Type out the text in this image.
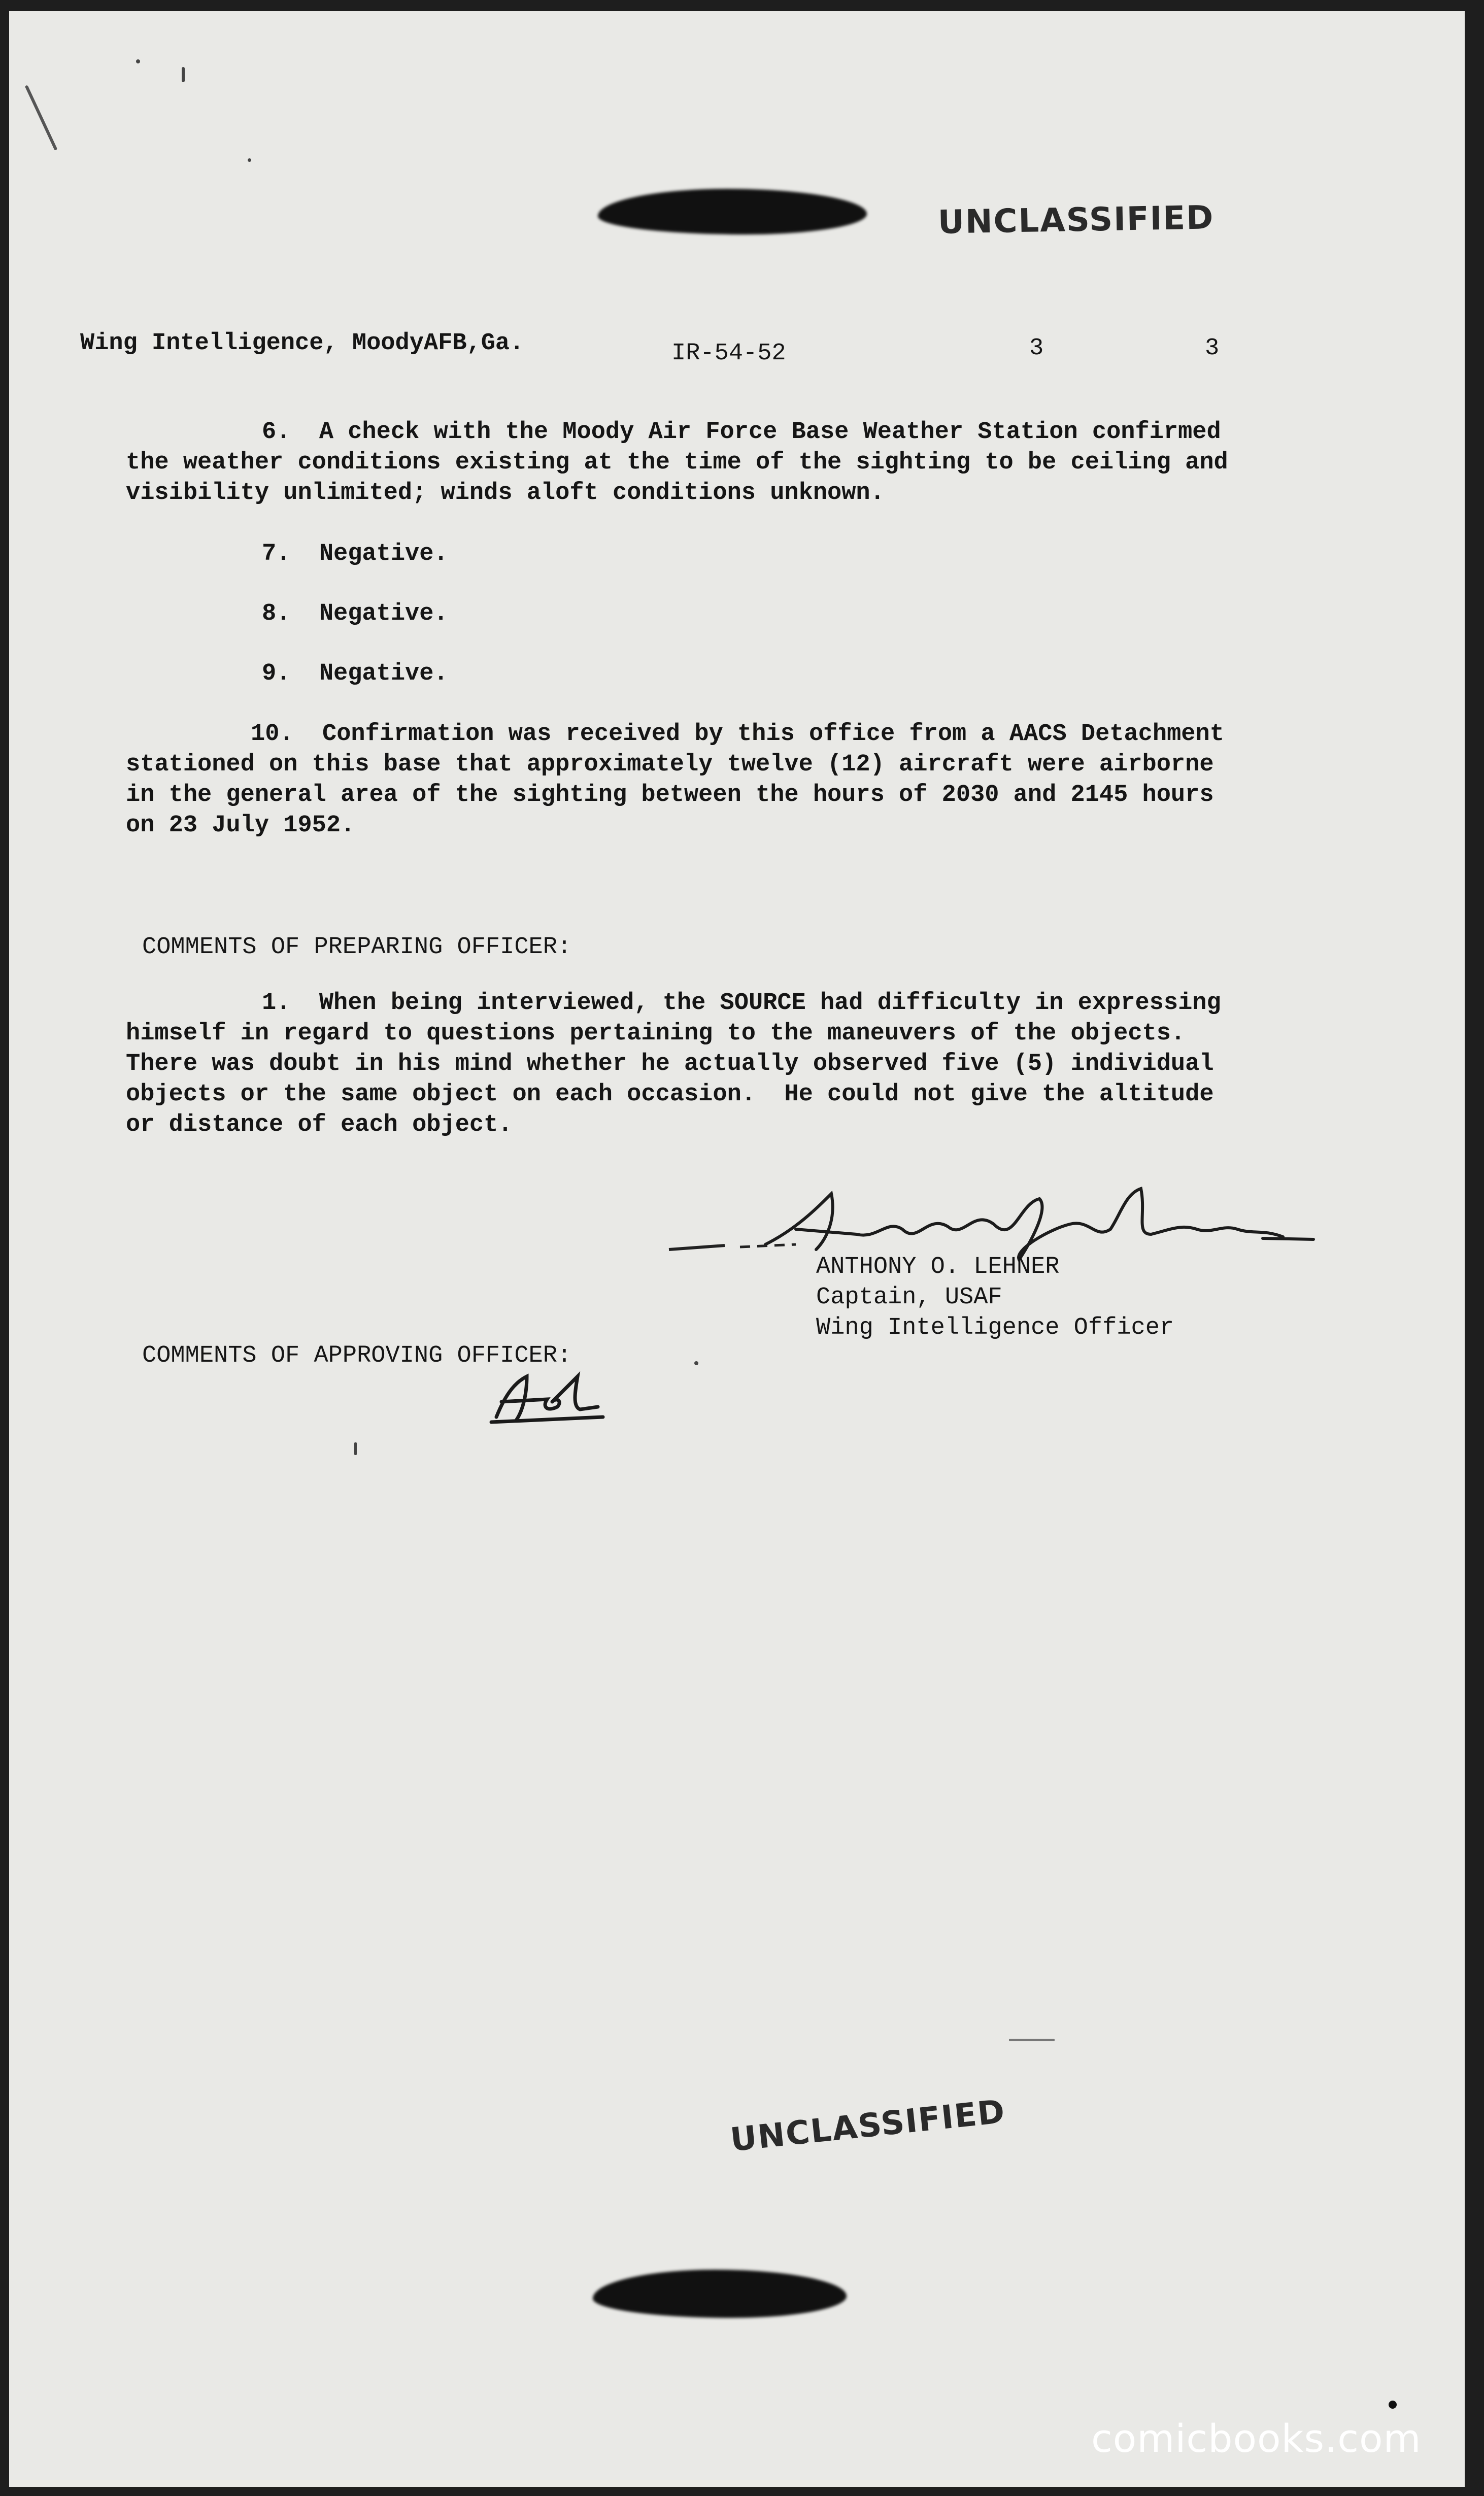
UNCLASSIFIED
Wing Intelligence, MoodyAFB,Ga.	IR-54-52	3	3
6.  A check with the Moody Air Force Base Weather Station confirmed
the weather conditions existing at the time of the sighting to be ceiling and
visibility unlimited; winds aloft conditions unknown.
7.  Negative.
8.  Negative.
9.  Negative.
10.  Confirmation was received by this office from a AACS Detachment
stationed on this base that approximately twelve (12) aircraft were airborne
in the general area of the sighting between the hours of 2030 and 2145 hours
on 23 July 1952.
COMMENTS OF PREPARING OFFICER:
1.  When being interviewed, the SOURCE had difficulty in expressing
himself in regard to questions pertaining to the maneuvers of the objects.
There was doubt in his mind whether he actually observed five (5) individual
objects or the same object on each occasion.  He could not give the altitude
or distance of each object.
ANTHONY O. LEHNER
Captain, USAF
Wing Intelligence Officer
COMMENTS OF APPROVING OFFICER:
UNCLASSIFIED
comicbooks.com
